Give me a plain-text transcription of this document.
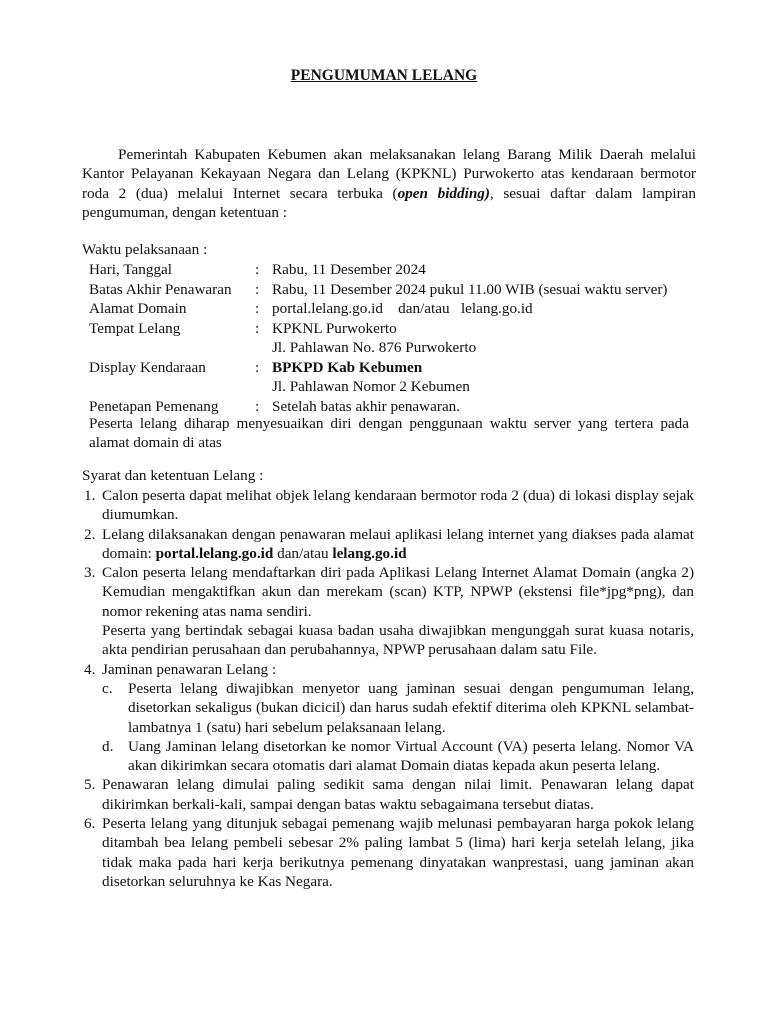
PENGUMUMAN LELANG

Pemerintah Kabupaten Kebumen akan melaksanakan lelang Barang Milik Daerah melalui Kantor Pelayanan Kekayaan Negara dan Lelang (KPKNL) Purwokerto atas kendaraan bermotor roda 2 (dua) melalui Internet secara terbuka (open bidding), sesuai daftar dalam lampiran pengumuman, dengan ketentuan :

Waktu pelaksanaan :

Hari, Tanggal	: Rabu, 11 Desember 2024
Batas Akhir Penawaran	: Rabu, 11 Desember 2024 pukul 11.00 WIB (sesuai waktu server)
Alamat Domain	: portal.lelang.go.id    dan/atau   lelang.go.id
Tempat Lelang	: KPKNL Purwokerto
Jl. Pahlawan No. 876 Purwokerto
Display Kendaraan	: BPKPD Kab Kebumen
Jl. Pahlawan Nomor 2 Kebumen
Penetapan Pemenang	: Setelah batas akhir penawaran.

Peserta lelang diharap menyesuaikan diri dengan penggunaan waktu server yang tertera pada alamat domain di atas

Syarat dan ketentuan Lelang :

1. Calon peserta dapat melihat objek lelang kendaraan bermotor roda 2 (dua) di lokasi display sejak diumumkan.

2. Lelang dilaksanakan dengan penawaran melaui aplikasi lelang internet yang diakses pada alamat domain: portal.lelang.go.id dan/atau lelang.go.id

3. Calon peserta lelang mendaftarkan diri pada Aplikasi Lelang Internet Alamat Domain (angka 2) Kemudian mengaktifkan akun dan merekam (scan) KTP, NPWP (ekstensi file*jpg*png), dan nomor rekening atas nama sendiri.

Peserta yang bertindak sebagai kuasa badan usaha diwajibkan mengunggah surat kuasa notaris, akta pendirian perusahaan dan perubahannya, NPWP perusahaan dalam satu File.

4. Jaminan penawaran Lelang :

c. Peserta lelang diwajibkan menyetor uang jaminan sesuai dengan pengumuman lelang, disetorkan sekaligus (bukan dicicil) dan harus sudah efektif diterima oleh KPKNL selambat-lambatnya 1 (satu) hari sebelum pelaksanaan lelang.
d. Uang Jaminan lelang disetorkan ke nomor Virtual Account (VA) peserta lelang. Nomor VA akan dikirimkan secara otomatis dari alamat Domain diatas kepada akun peserta lelang.
5. Penawaran lelang dimulai paling sedikit sama dengan nilai limit. Penawaran lelang dapat dikirimkan berkali-kali, sampai dengan batas waktu sebagaimana tersebut diatas.

6. Peserta lelang yang ditunjuk sebagai pemenang wajib melunasi pembayaran harga pokok lelang ditambah bea lelang pembeli sebesar 2% paling lambat 5 (lima) hari kerja setelah lelang, jika tidak maka pada hari kerja berikutnya pemenang dinyatakan wanprestasi, uang jaminan akan disetorkan seluruhnya ke Kas Negara.
